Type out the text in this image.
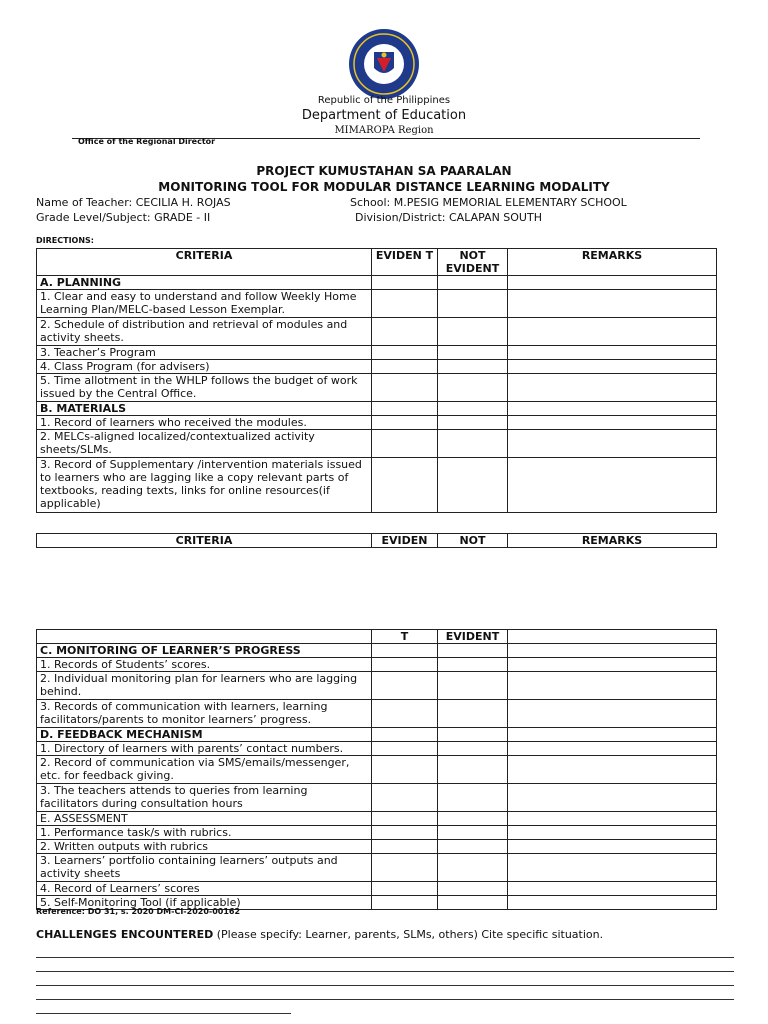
Republic of the Philippines
Department of Education
MIMAROPA Region
Office of the Regional Director
PROJECT KUMUSTAHAN SA PAARALAN
MONITORING TOOL FOR MODULAR DISTANCE LEARNING MODALITY
Name of Teacher: CECILIA H. ROJAS	School: M.PESIG MEMORIAL ELEMENTARY SCHOOL
Grade Level/Subject: GRADE - II	Division/District: CALAPAN SOUTH
DIRECTIONS:
CRITERIA	EVIDEN T	NOT EVIDENT	REMARKS
A. PLANNING			
1. Clear and easy to understand and follow Weekly Home Learning Plan/MELC-based Lesson Exemplar.			
2. Schedule of distribution and retrieval of modules and activity sheets.			
3. Teacher’s Program			
4. Class Program (for advisers)			
5. Time allotment in the WHLP follows the budget of work issued by the Central Office.			
B. MATERIALS			
1. Record of learners who received the modules.			
2. MELCs-aligned localized/contextualized activity sheets/SLMs.			
3. Record of Supplementary /intervention materials issued to learners who are lagging like a copy relevant parts of textbooks, reading texts, links for online resources(if applicable)			
CRITERIA	EVIDEN	NOT	REMARKS
	T	EVIDENT	
C. MONITORING OF LEARNER’S PROGRESS			
1. Records of Students’ scores.			
2. Individual monitoring plan for learners who are lagging behind.			
3. Records of communication with learners, learning facilitators/parents to monitor learners’ progress.			
D. FEEDBACK MECHANISM			
1. Directory of learners with parents’ contact numbers.			
2. Record of communication via SMS/emails/messenger, etc. for feedback giving.			
3. The teachers attends to queries from learning facilitators during consultation hours			
E. ASSESSMENT			
1. Performance task/s with rubrics.			
2. Written outputs with rubrics			
3. Learners’ portfolio containing learners’ outputs and activity sheets			
4. Record of Learners’ scores			
5. Self-Monitoring Tool (if applicable)			
Reference: DO 31, s. 2020 DM-CI-2020-00162
CHALLENGES ENCOUNTERED (Please specify: Learner, parents, SLMs, others) Cite specific situation.
